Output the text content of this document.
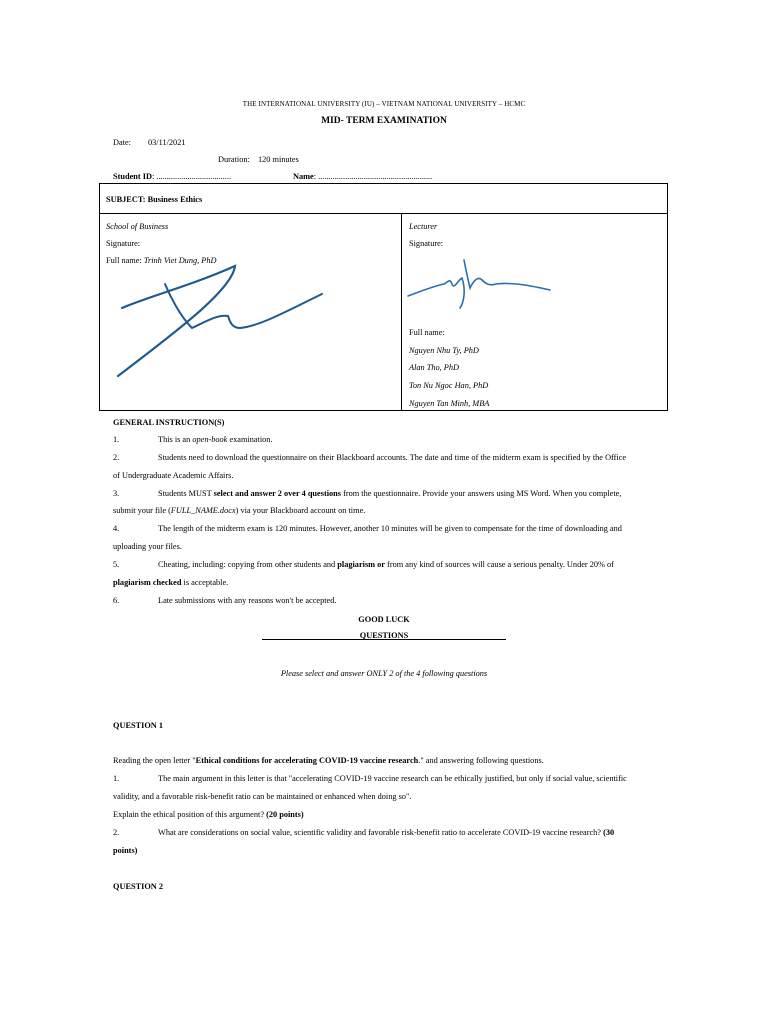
THE INTERNATIONAL UNIVERSITY (IU) – VIETNAM NATIONAL UNIVERSITY – HCMC
MID- TERM EXAMINATION
Date: 03/11/2021
Duration: 120 minutes
Student ID: ....................................	Name: .......................................................
SUBJECT: Business Ethics
School of Business
Signature:
Full name: Trinh Viet Dung, PhD
Lecturer
Signature:
Full name:
Nguyen Nhu Ty, PhD
Alan Tho, PhD
Ton Nu Ngoc Han, PhD
Nguyen Tan Minh, MBA
GENERAL INSTRUCTION(S)
1.	This is an open-book examination.
2.	Students need to download the questionnaire on their Blackboard accounts. The date and time of the midterm exam is specified by the Office
of Undergraduate Academic Affairs.
3.	Students MUST select and answer 2 over 4 questions from the questionnaire. Provide your answers using MS Word. When you complete,
submit your file (FULL_NAME.docx) via your Blackboard account on time.
4.	The length of the midterm exam is 120 minutes. However, another 10 minutes will be given to compensate for the time of downloading and
uploading your files.
5.	Cheating, including: copying from other students and plagiarism or from any kind of sources will cause a serious penalty. Under 20% of
plagiarism checked is acceptable.
6.	Late submissions with any reasons won't be accepted.
GOOD LUCK
QUESTIONS
Please select and answer ONLY 2 of the 4 following questions
QUESTION 1
Reading the open letter "Ethical conditions for accelerating COVID-19 vaccine research." and answering following questions.
1.	The main argument in this letter is that "accelerating COVID-19 vaccine research can be ethically justified, but only if social value, scientific
validity, and a favorable risk-benefit ratio can be maintained or enhanced when doing so".
Explain the ethical position of this argument? (20 points)
2.	What are considerations on social value, scientific validity and favorable risk-benefit ratio to accelerate COVID-19 vaccine research? (30
points)
QUESTION 2
